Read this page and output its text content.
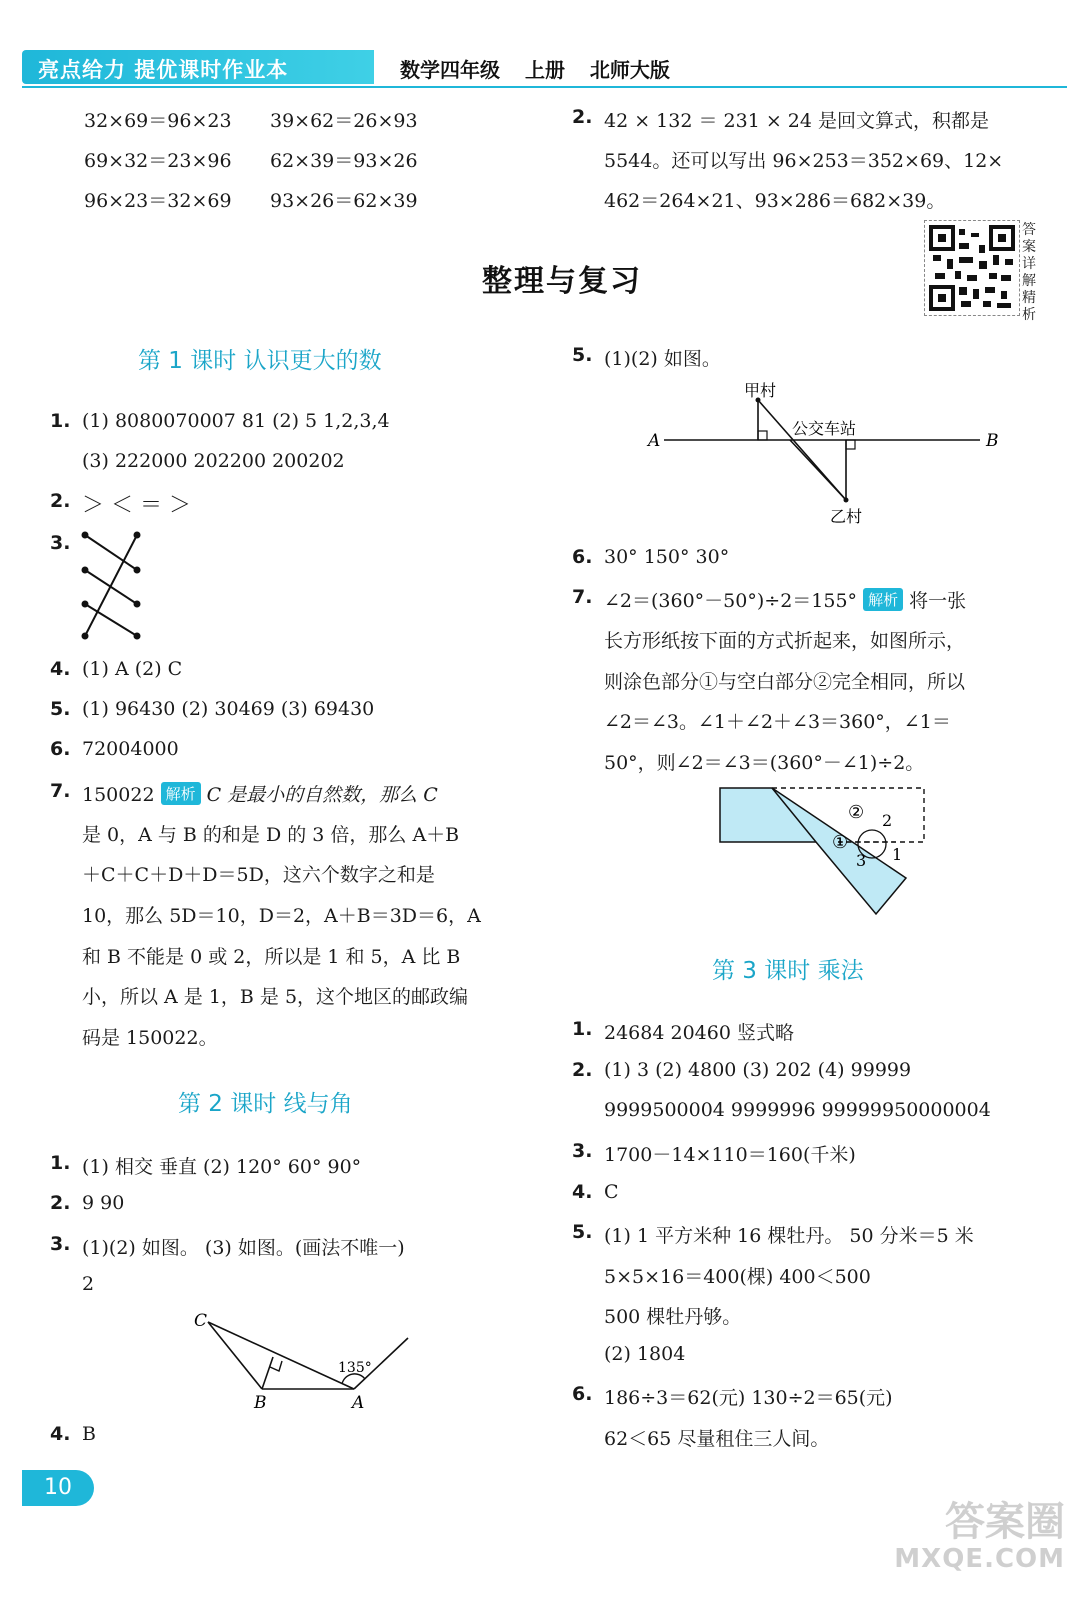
亮点给力 提优课时作业本	数学四年级 上册 北师大版
32×69＝96×23 39×62＝26×93
69×32＝23×96 62×39＝93×26
96×23＝32×69 93×26＝62×39
2. 42 × 132 ＝ 231 × 24 是回文算式，积都是
5544。还可以写出 96×253＝352×69、12×
462＝264×21、93×286＝682×39。
答案详解精析
整理与复习
第 1 课时 认识更大的数
1. (1) 8080070007 81 (2) 5 1,2,3,4
(3) 222000 202200 200202
2. ＞ ＜ ＝ ＞
3.
4. (1) A (2) C
5. (1) 96430 (2) 30469 (3) 69430
6. 72004000
7. 150022 解析 C 是最小的自然数，那么 C
是 0，A 与 B 的和是 D 的 3 倍，那么 A＋B
＋C＋C＋D＋D＝5D，这六个数字之和是
10，那么 5D＝10，D＝2，A＋B＝3D＝6，A
和 B 不能是 0 或 2，所以是 1 和 5，A 比 B
小，所以 A 是 1，B 是 5，这个地区的邮政编
码是 150022。
第 2 课时 线与角
1. (1) 相交 垂直 (2) 120° 60° 90°
2. 9 90
3. (1)(2) 如图。 (3) 如图。(画法不唯一)
2
C
B	A
135°
4. B
5. (1)(2) 如图。
甲村
乙村
公交车站
A	B
6. 30° 150° 30°
7. ∠2＝(360°－50°)÷2＝155° 解析 将一张
长方形纸按下面的方式折起来，如图所示，
则涂色部分①与空白部分②完全相同，所以
∠2＝∠3。∠1＋∠2＋∠3＝360°，∠1＝
50°，则∠2＝∠3＝(360°－∠1)÷2。
②
①
2
1
3
第 3 课时 乘法
1. 24684 20460 竖式略
2. (1) 3 (2) 4800 (3) 202 (4) 99999
9999500004 9999996 99999950000004
3. 1700－14×110＝160(千米)
4. C
5. (1) 1 平方米种 16 棵牡丹。 50 分米＝5 米
5×5×16＝400(棵) 400＜500
500 棵牡丹够。
(2) 1804
6. 186÷3＝62(元) 130÷2＝65(元)
62＜65 尽量租住三人间。
10
答案圈
MXQE.COM
